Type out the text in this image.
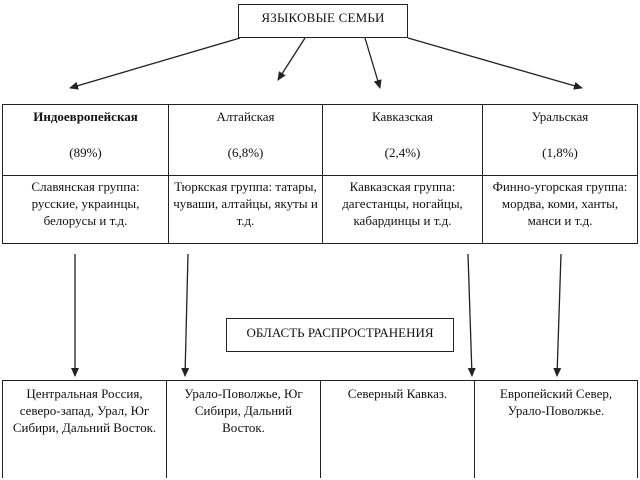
ЯЗЫКОВЫЕ СЕМЬИ
Индоевропейская
(89%)
Славянская группа: русские, украинцы, белорусы и т.д.
Алтайская
(6,8%)
Тюркская группа: татары, чуваши, алтайцы, якуты и т.д.
Кавказская
(2,4%)
Кавказская группа: дагестанцы, ногайцы, кабардинцы и т.д.
Уральская
(1,8%)
Финно-угорская группа: мордва, коми, ханты, манси и т.д.
ОБЛАСТЬ РАСПРОСТРАНЕНИЯ
Центральная Россия, северо-запад, Урал, Юг Сибири, Дальний Восток.
Урало-Поволжье, Юг Сибири, Дальний Восток.
Северный Кавказ.	Европейский Север, Урало-Поволжье.
